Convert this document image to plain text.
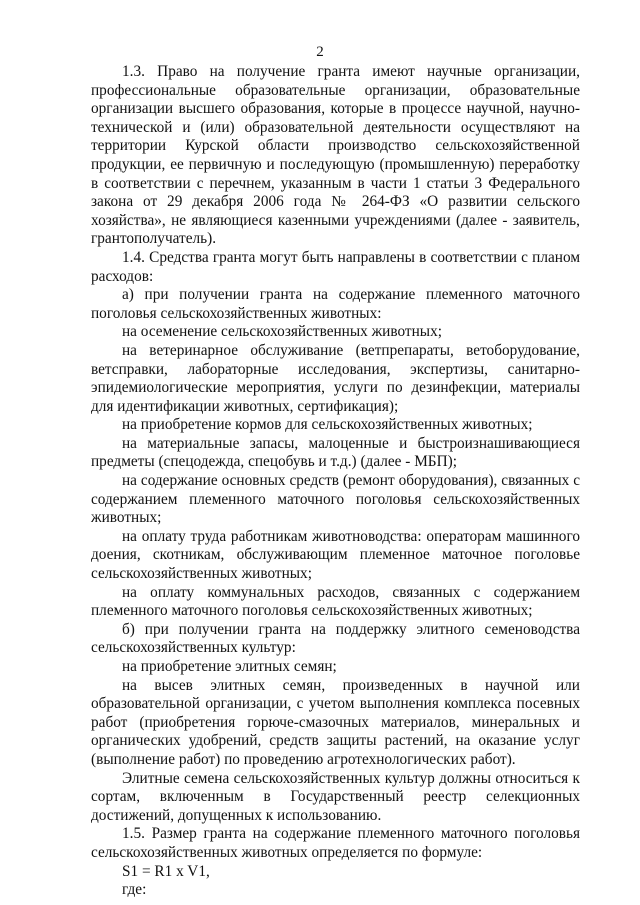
2

1.3. Право на получение гранта имеют научные организации, профессиональные образовательные организации, образовательные организации высшего образования, которые в процессе научной, научно-технической и (или) образовательной деятельности осуществляют на территории Курской области производство сельскохозяйственной продукции, ее первичную и последующую (промышленную) переработку в соответствии с перечнем, указанным в части 1 статьи 3 Федерального закона от 29 декабря 2006 года № 264-ФЗ «О развитии сельского хозяйства», не являющиеся казенными учреждениями (далее - заявитель, грантополучатель).

1.4. Средства гранта могут быть направлены в соответствии с планом расходов:

а) при получении гранта на содержание племенного маточного поголовья сельскохозяйственных животных:

на осеменение сельскохозяйственных животных;

на ветеринарное обслуживание (ветпрепараты, ветоборудование, ветсправки, лабораторные исследования, экспертизы, санитарно-эпидемиологические мероприятия, услуги по дезинфекции, материалы для идентификации животных, сертификация);

на приобретение кормов для сельскохозяйственных животных;

на материальные запасы, малоценные и быстроизнашивающиеся предметы (спецодежда, спецобувь и т.д.) (далее - МБП);

на содержание основных средств (ремонт оборудования), связанных с содержанием племенного маточного поголовья сельскохозяйственных животных;

на оплату труда работникам животноводства: операторам машинного доения, скотникам, обслуживающим племенное маточное поголовье сельскохозяйственных животных;

на оплату коммунальных расходов, связанных с содержанием племенного маточного поголовья сельскохозяйственных животных;

б) при получении гранта на поддержку элитного семеноводства сельскохозяйственных культур:

на приобретение элитных семян;

на высев элитных семян, произведенных в научной или образовательной организации, с учетом выполнения комплекса посевных работ (приобретения горюче-смазочных материалов, минеральных и органических удобрений, средств защиты растений, на оказание услуг (выполнение работ) по проведению агротехнологических работ).

Элитные семена сельскохозяйственных культур должны относиться к сортам, включенным в Государственный реестр селекционных достижений, допущенных к использованию.

1.5. Размер гранта на содержание племенного маточного поголовья сельскохозяйственных животных определяется по формуле:

S1 = R1 x V1,

где:
